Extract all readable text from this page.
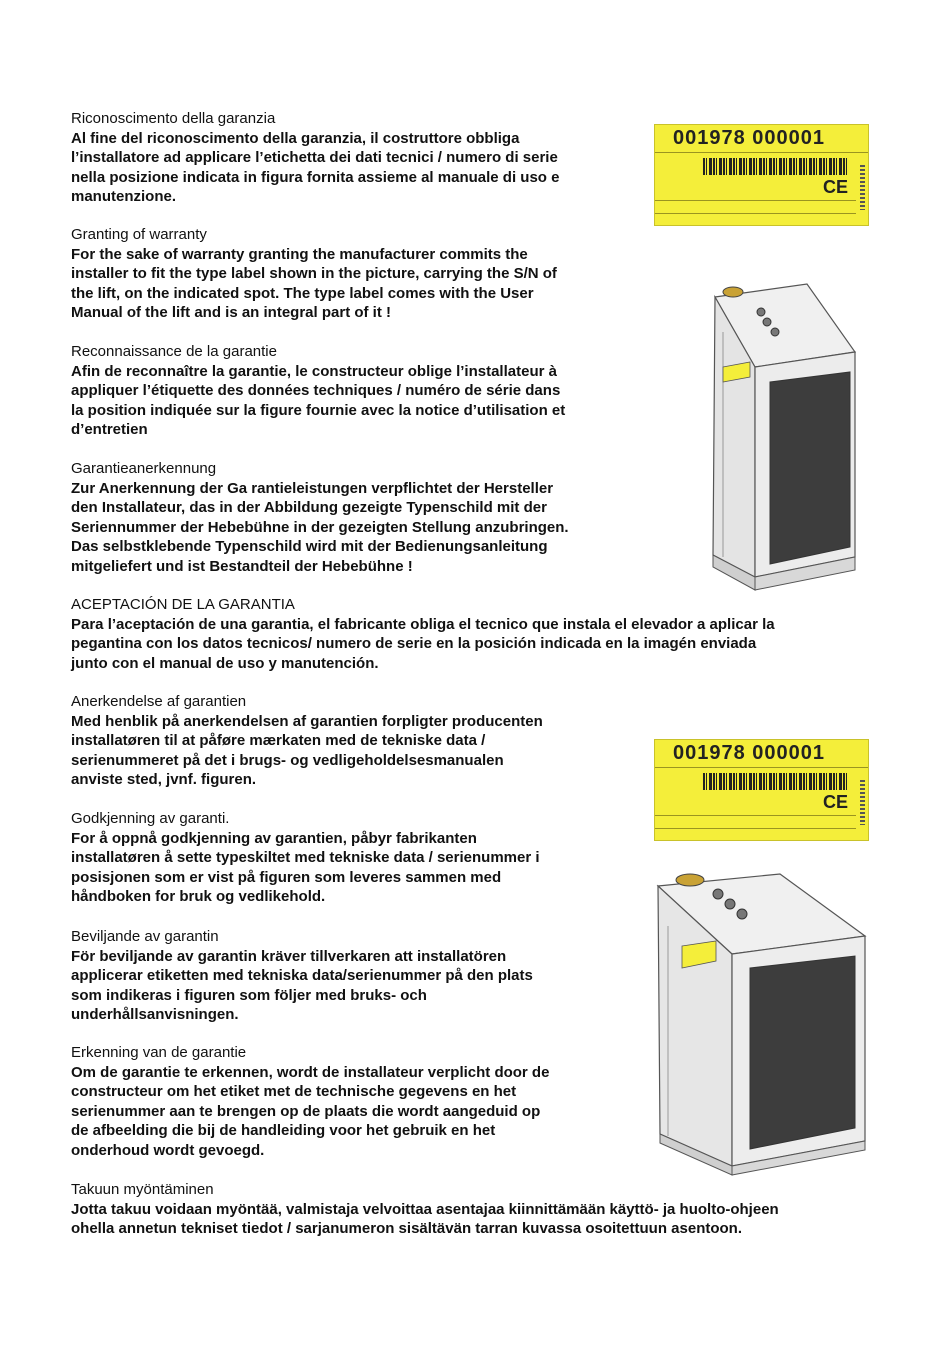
Riconoscimento della garanzia
Al fine del riconoscimento della garanzia, il costruttore obbliga
l’installatore ad applicare l’etichetta dei dati tecnici / numero di serie
nella posizione indicata in figura fornita assieme al manuale di uso e
manutenzione.
Granting of warranty
For the sake of warranty granting the manufacturer commits the
installer to fit the type label shown in the picture, carrying the S/N of
the lift, on the indicated spot. The type label comes with the User
Manual of the lift and is an integral part of it !
Reconnaissance de la garantie
Afin de reconnaître la garantie, le constructeur oblige l’installateur à
appliquer l’étiquette des données techniques / numéro de série dans
la position indiquée sur la figure fournie avec la notice d’utilisation et
d’entretien
Garantieanerkennung
Zur Anerkennung der Ga rantieleistungen verpflichtet der Hersteller
den Installateur, das in der Abbildung gezeigte Typenschild mit der
Seriennummer der Hebebühne in der gezeigten Stellung anzubringen.
Das selbstklebende Typenschild wird mit der Bedienungsanleitung
mitgeliefert und ist Bestandteil der Hebebühne !
ACEPTACIÓN DE LA GARANTIA
Para l’aceptación de una garantia, el fabricante obliga el tecnico que instala el elevador a aplicar la
pegantina con los datos tecnicos/ numero de serie en la posición indicada en la imagén enviada
junto con el manual de uso y manutención.
Anerkendelse af garantien
Med henblik på anerkendelsen af garantien forpligter producenten
installatøren til at påføre mærkaten med de tekniske data /
serienummeret på det i brugs- og vedligeholdelsesmanualen
anviste sted, jvnf. figuren.
Godkjenning av garanti.
For å oppnå godkjenning av garantien, påbyr fabrikanten
installatøren å sette typeskiltet med tekniske data / serienummer i
posisjonen som er vist på figuren som leveres sammen med
håndboken for bruk og vedlikehold.
Beviljande av garantin
För beviljande av garantin kräver tillverkaren att installatören
applicerar etiketten med tekniska data/serienummer på den plats
som indikeras i figuren som följer med bruks- och
underhållsanvisningen.
Erkenning van de garantie
Om de garantie te erkennen, wordt de installateur verplicht door de
constructeur om het etiket met de technische gegevens en het
serienummer aan te brengen op de plaats die wordt aangeduid op
de afbeelding die bij de handleiding voor het gebruik en het
onderhoud wordt gevoegd.
Takuun myöntäminen
Jotta takuu voidaan myöntää, valmistaja velvoittaa asentajaa kiinnittämään käyttö- ja huolto-ohjeen
ohella annetun tekniset tiedot / sarjanumeron sisältävän tarran kuvassa osoitettuun asentoon.
001978 000001
CE
001978 000001
CE
